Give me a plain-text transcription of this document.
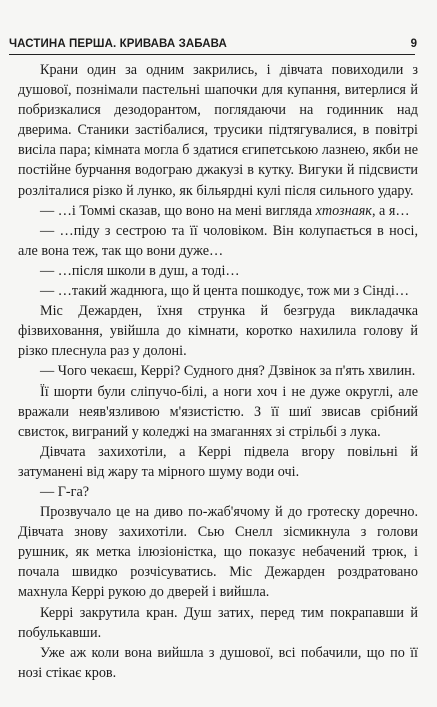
ЧАСТИНА ПЕРША. КРИВАВА ЗАБАВА	9

Крани один за одним закрились, і дівчата повиходили з душової, познімали пастельні шапочки для купання, витерлися й побризкалися дезодорантом, поглядаючи на годинник над дверима. Станики застібалися, трусики підтягувалися, в повітрі висіла пара; кімната могла б здатися єгипетською лазнею, якби не постійне бурчання водограю джакузі в кутку. Вигуки й підсвисти розліталися різко й лунко, як більярдні кулі після сильного удару.

— …і Томмі сказав, що воно на мені вигляда хтознаяк, а я…

— …піду з сестрою та її чоловіком. Він колупається в носі, але вона теж, так що вони дуже…

— …після школи в душ, а тоді…

— …такий жаднюга, що й цента пошкодує, тож ми з Сінді…

Міс Дежарден, їхня струнка й безгруда викладачка фізвиховання, увійшла до кімнати, коротко нахилила голову й різко плеснула раз у долоні.

— Чого чекаєш, Керрі? Судного дня? Дзвінок за п'ять хвилин.

Її шорти були сліпучо-білі, а ноги хоч і не дуже округлі, але вражали неяв'язливою м'язистістю. З її шиї звисав срібний свисток, виграний у коледжі на змаганнях зі стрільбі з лука.

Дівчата захихотіли, а Керрі підвела вгору повільні й затуманені від жару та мірного шуму води очі.

— Г-га?

Прозвучало це на диво по-жаб'ячому й до гротеску доречно. Дівчата знову захихотіли. Сью Снелл зісмикнула з голови рушник, як метка ілюзіоністка, що показує небачений трюк, і почала швидко розчісуватись. Міс Дежарден роздратовано махнула Керрі рукою до дверей і вийшла.

Керрі закрутила кран. Душ затих, перед тим покрапавши й побулькавши.

Уже аж коли вона вийшла з душової, всі побачили, що по її нозі стікає кров.
